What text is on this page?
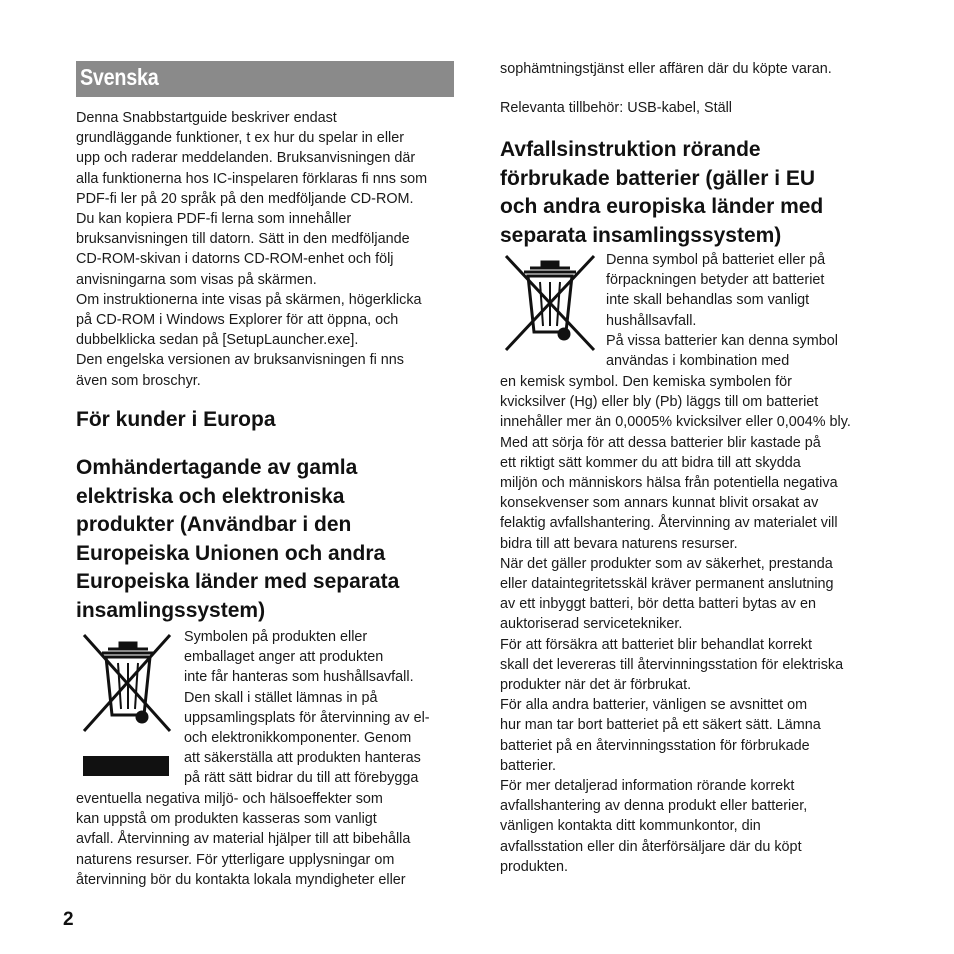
Svenska
Denna Snabbstartguide beskriver endast
grundläggande funktioner, t ex hur du spelar in eller
upp och raderar meddelanden. Bruksanvisningen där
alla funktionerna hos IC-inspelaren förklaras fi nns som
PDF-fi ler på 20 språk på den medföljande CD-ROM.
Du kan kopiera PDF-fi lerna som innehåller
bruksanvisningen till datorn. Sätt in den medföljande
CD-ROM-skivan i datorns CD-ROM-enhet och följ
anvisningarna som visas på skärmen.
Om instruktionerna inte visas på skärmen, högerklicka
på CD-ROM i Windows Explorer för att öppna, och
dubbelklicka sedan på [SetupLauncher.exe].
Den engelska versionen av bruksanvisningen fi nns
även som broschyr.
För kunder i Europa
Omhändertagande av gamla
elektriska och elektroniska
produkter (Användbar i den
Europeiska Unionen och andra
Europeiska länder med separata
insamlingssystem)
Symbolen på produkten eller
emballaget anger att produkten
inte får hanteras som hushållsavfall.
Den skall i stället lämnas in på
uppsamlingsplats för återvinning av el-
och elektronikkomponenter. Genom
att säkerställa att produkten hanteras
på rätt sätt bidrar du till att förebygga
eventuella negativa miljö- och hälsoeffekter som
kan uppstå om produkten kasseras som vanligt
avfall. Återvinning av material hjälper till att bibehålla
naturens resurser. För ytterligare upplysningar om
återvinning bör du kontakta lokala myndigheter eller
sophämtningstjänst eller affären där du köpte varan.
Relevanta tillbehör: USB-kabel, Ställ
Avfallsinstruktion rörande
förbrukade batterier (gäller i EU
och andra europiska länder med
separata insamlingssystem)
Denna symbol på batteriet eller på
förpackningen betyder att batteriet
inte skall behandlas som vanligt
hushållsavfall.
På vissa batterier kan denna symbol
användas i kombination med
en kemisk symbol. Den kemiska symbolen för
kvicksilver (Hg) eller bly (Pb) läggs till om batteriet
innehåller mer än 0,0005% kvicksilver eller 0,004% bly.
Med att sörja för att dessa batterier blir kastade på
ett riktigt sätt kommer du att bidra till att skydda
miljön och människors hälsa från potentiella negativa
konsekvenser som annars kunnat blivit orsakat av
felaktig avfallshantering. Återvinning av materialet vill
bidra till att bevara naturens resurser.
När det gäller produkter som av säkerhet, prestanda
eller dataintegritetsskäl kräver permanent anslutning
av ett inbyggt batteri, bör detta batteri bytas av en
auktoriserad servicetekniker.
För att försäkra att batteriet blir behandlat korrekt
skall det levereras till återvinningsstation för elektriska
produkter när det är förbrukat.
För alla andra batterier, vänligen se avsnittet om
hur man tar bort batteriet på ett säkert sätt. Lämna
batteriet på en återvinningsstation för förbrukade
batterier.
För mer detaljerad information rörande korrekt
avfallshantering av denna produkt eller batterier,
vänligen kontakta ditt kommunkontor, din
avfallsstation eller din återförsäljare där du köpt
produkten.
2
